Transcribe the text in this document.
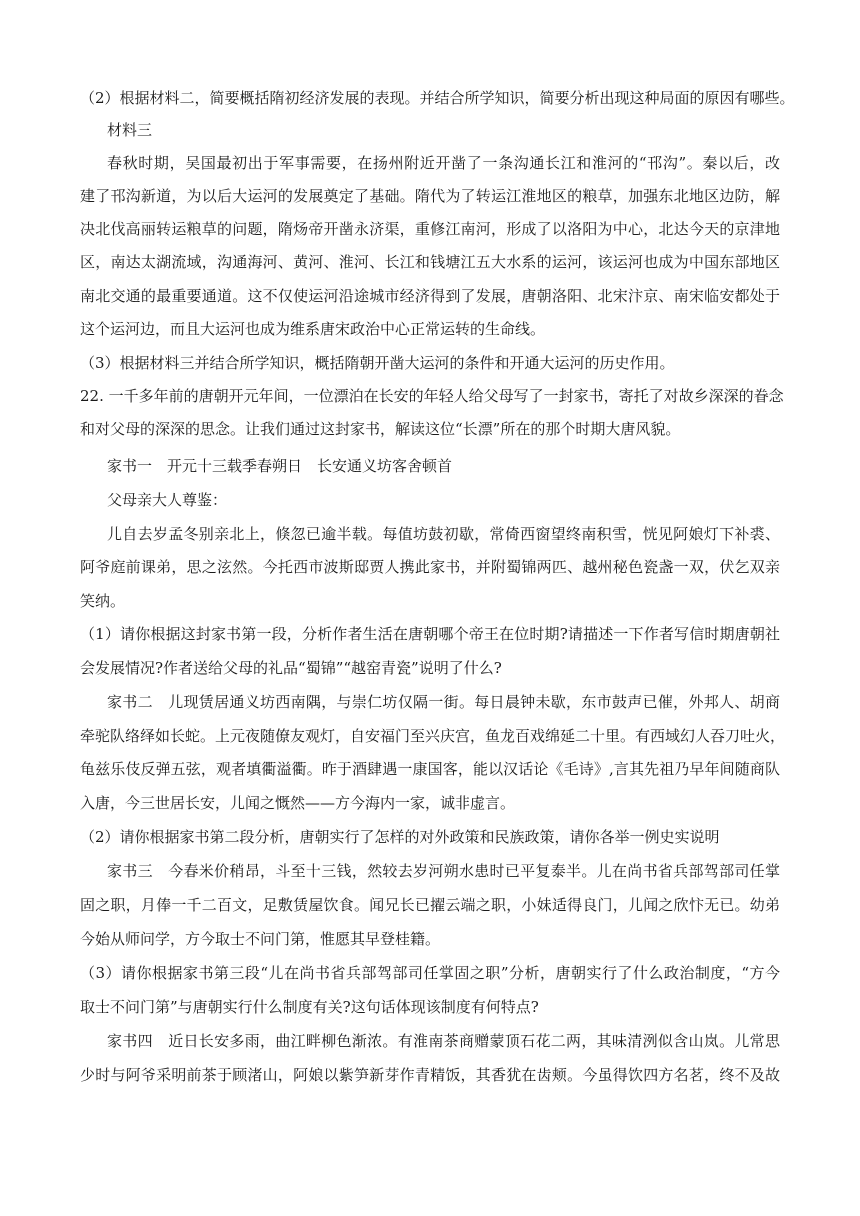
（2）根据材料二，简要概括隋初经济发展的表现。并结合所学知识，简要分析出现这种局面的原因有哪些。
材料三
春秋时期，吴国最初出于军事需要，在扬州附近开凿了一条沟通长江和淮河的“邗沟”。秦以后，改
建了邗沟新道，为以后大运河的发展奠定了基础。隋代为了转运江淮地区的粮草，加强东北地区边防，解
决北伐高丽转运粮草的问题，隋炀帝开凿永济渠，重修江南河，形成了以洛阳为中心，北达今天的京津地
区，南达太湖流域，沟通海河、黄河、淮河、长江和钱塘江五大水系的运河，该运河也成为中国东部地区
南北交通的最重要通道。这不仅使运河沿途城市经济得到了发展，唐朝洛阳、北宋汴京、南宋临安都处于
这个运河边，而且大运河也成为维系唐宋政治中心正常运转的生命线。
（3）根据材料三并结合所学知识，概括隋朝开凿大运河的条件和开通大运河的历史作用。
22. 一千多年前的唐朝开元年间，一位漂泊在长安的年轻人给父母写了一封家书，寄托了对故乡深深的眷念
和对父母的深深的思念。让我们通过这封家书，解读这位“长漂”所在的那个时期大唐风貌。
家书一　开元十三载季春朔日　长安通义坊客舍顿首
父母亲大人尊鉴：
儿自去岁孟冬别亲北上，倏忽已逾半载。每值坊鼓初歇，常倚西窗望终南积雪，恍见阿娘灯下补裘、
阿爷庭前课弟，思之泫然。今托西市波斯邸贾人携此家书，并附蜀锦两匹、越州秘色瓷盏一双，伏乞双亲
笑纳。
（1）请你根据这封家书第一段，分析作者生活在唐朝哪个帝王在位时期?请描述一下作者写信时期唐朝社
会发展情况?作者送给父母的礼品“蜀锦”“越窑青瓷”说明了什么?
家书二　儿现赁居通义坊西南隅，与崇仁坊仅隔一街。每日晨钟未歇，东市鼓声已催，外邦人、胡商
牵驼队络绎如长蛇。上元夜随僚友观灯，自安福门至兴庆宫，鱼龙百戏绵延二十里。有西域幻人吞刀吐火，
龟兹乐伎反弹五弦，观者填衢溢衢。昨于酒肆遇一康国客，能以汉话论《毛诗》,言其先祖乃早年间随商队
入唐，今三世居长安，儿闻之慨然——方今海内一家，诚非虚言。
（2）请你根据家书第二段分析，唐朝实行了怎样的对外政策和民族政策，请你各举一例史实说明
家书三　今春米价稍昂，斗至十三钱，然较去岁河朔水患时已平复泰半。儿在尚书省兵部驾部司任掌
固之职，月俸一千二百文，足敷赁屋饮食。闻兄长已擢云端之职，小妹适得良门，儿闻之欣忭无已。幼弟
今始从师问学，方今取士不问门第，惟愿其早登桂籍。
（3）请你根据家书第三段“儿在尚书省兵部驾部司任掌固之职”分析，唐朝实行了什么政治制度，“方今
取士不问门第”与唐朝实行什么制度有关?这句话体现该制度有何特点?
家书四　近日长安多雨，曲江畔柳色渐浓。有淮南茶商赠蒙顶石花二两，其味清洌似含山岚。儿常思
少时与阿爷采明前茶于顾渚山，阿娘以紫笋新芽作青精饭，其香犹在齿颊。今虽得饮四方名茗，终不及故
